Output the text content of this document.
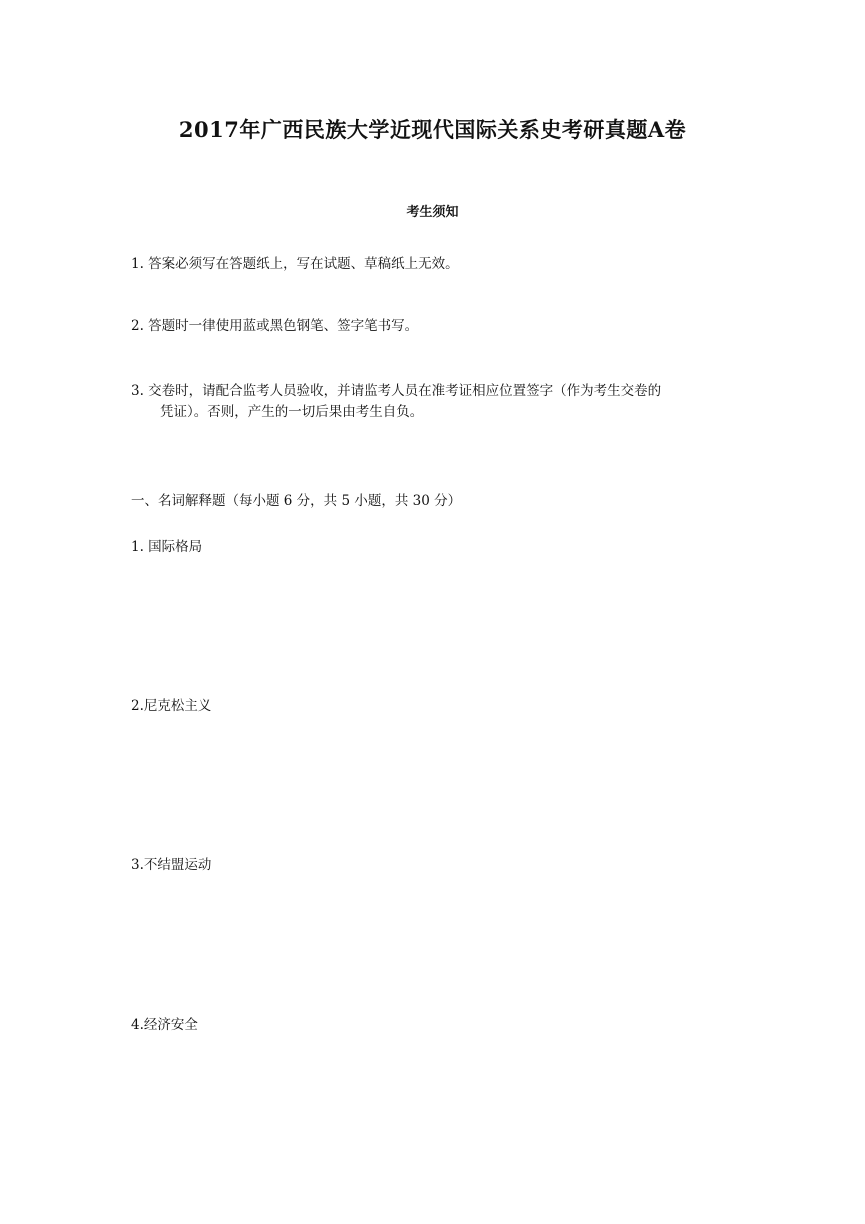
2017年广西民族大学近现代国际关系史考研真题A卷
考生须知
1. 答案必须写在答题纸上，写在试题、草稿纸上无效。
2. 答题时一律使用蓝或黑色钢笔、签字笔书写。
3. 交卷时，请配合监考人员验收，并请监考人员在准考证相应位置签字（作为考生交卷的
凭证）。否则，产生的一切后果由考生自负。
一、名词解释题（每小题 6 分，共 5 小题，共 30 分）
1. 国际格局
2.尼克松主义
3.不结盟运动
4.经济安全
